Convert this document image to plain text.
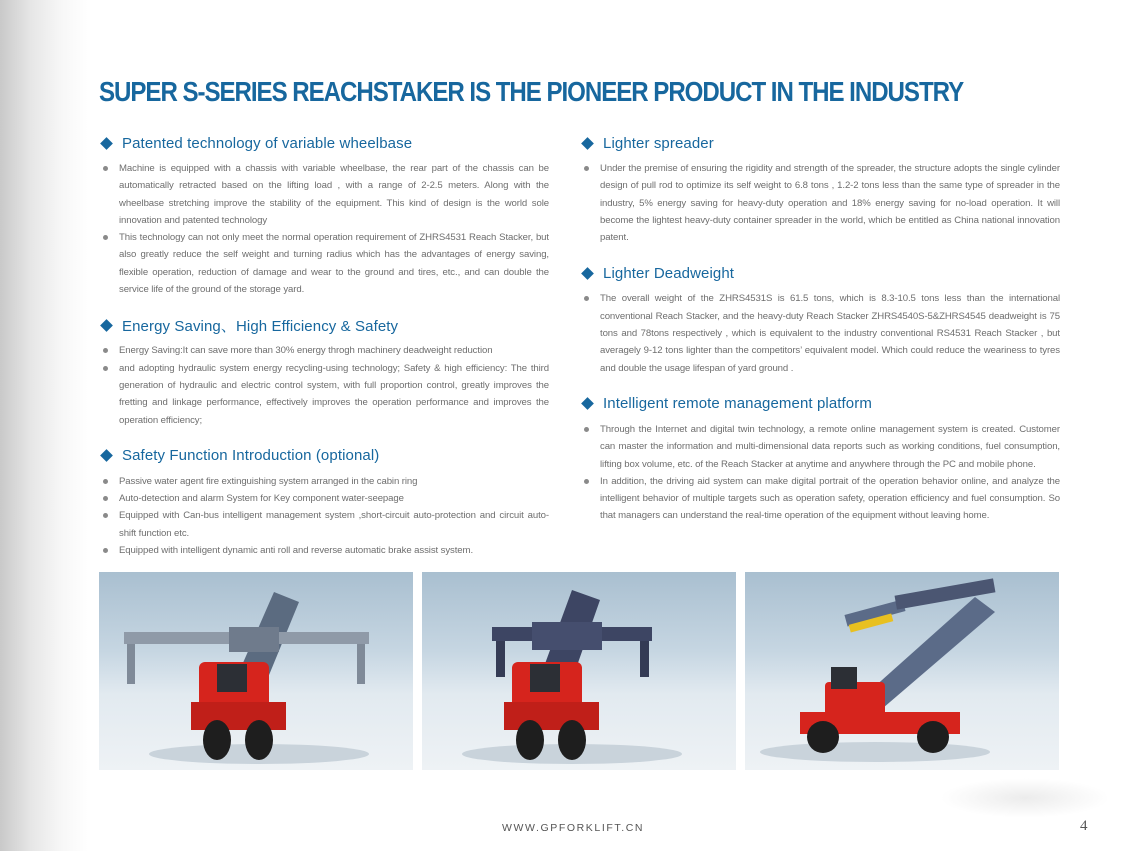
SUPER S-SERIES REACHSTAKER IS THE PIONEER PRODUCT IN THE INDUSTRY
Patented technology of variable wheelbase
Machine is equipped with a chassis with variable wheelbase, the rear part of the chassis can be automatically retracted based on the lifting load , with a range of 2-2.5 meters. Along with the wheelbase stretching improve the stability of the equipment. This kind of design is the world sole innovation and patented technology
This technology can not only meet the normal operation requirement of ZHRS4531 Reach Stacker, but also greatly reduce the self weight and turning radius which has the advantages of energy saving, flexible operation, reduction of damage and wear to the ground and tires, etc., and can double the service life of the ground of the storage yard.
Energy Saving、High Efficiency & Safety
Energy Saving:It can save more than 30% energy throgh machinery deadweight reduction
and adopting hydraulic system energy recycling-using technology; Safety & high efficiency: The third generation of hydraulic and electric control system, with full proportion control, greatly improves the fretting and linkage performance, effectively improves the operation performance and improves the operation efficiency;
Safety Function Introduction (optional)
Passive water agent fire extinguishing system arranged in the cabin ring
Auto-detection and alarm System for Key component water-seepage
Equipped with Can-bus intelligent management system ,short-circuit auto-protection and circuit auto-shift function etc.
Equipped with intelligent dynamic anti roll and reverse automatic brake assist system.
Lighter spreader
Under the premise of ensuring the rigidity and strength of the spreader, the structure adopts the single cylinder design of pull rod to optimize its self weight to 6.8 tons , 1.2-2 tons less than the same type of spreader in the industry, 5% energy saving for heavy-duty operation and 18% energy saving for no-load operation. It will become the lightest heavy-duty container spreader in the world, which be entitled as China national innovation patent.
Lighter Deadweight
The overall weight of the ZHRS4531S is 61.5 tons, which is 8.3-10.5 tons less than the international conventional Reach Stacker, and the heavy-duty Reach Stacker ZHRS4540S-5&ZHRS4545 deadweight is 75 tons and 78tons respectively , which is equivalent to the industry conventional RS4531 Reach Stacker , but averagely 9-12 tons lighter than the competitors’ equivalent model. Which could reduce the weariness to tyres and double the usage lifespan of yard ground .
Intelligent remote management platform
Through the Internet and digital twin technology, a remote online management system is created. Customer can master the information and multi-dimensional data reports such as working conditions, fuel consumption, lifting box volume, etc. of the Reach Stacker at anytime and anywhere through the PC and mobile phone.
In addition, the driving aid system can make digital portrait of the operation behavior online, and analyze the intelligent behavior of multiple targets such as operation safety, operation efficiency and fuel consumption. So that managers can understand the real-time operation of the equipment without leaving home.
WWW.GPFORKLIFT.CN	4
